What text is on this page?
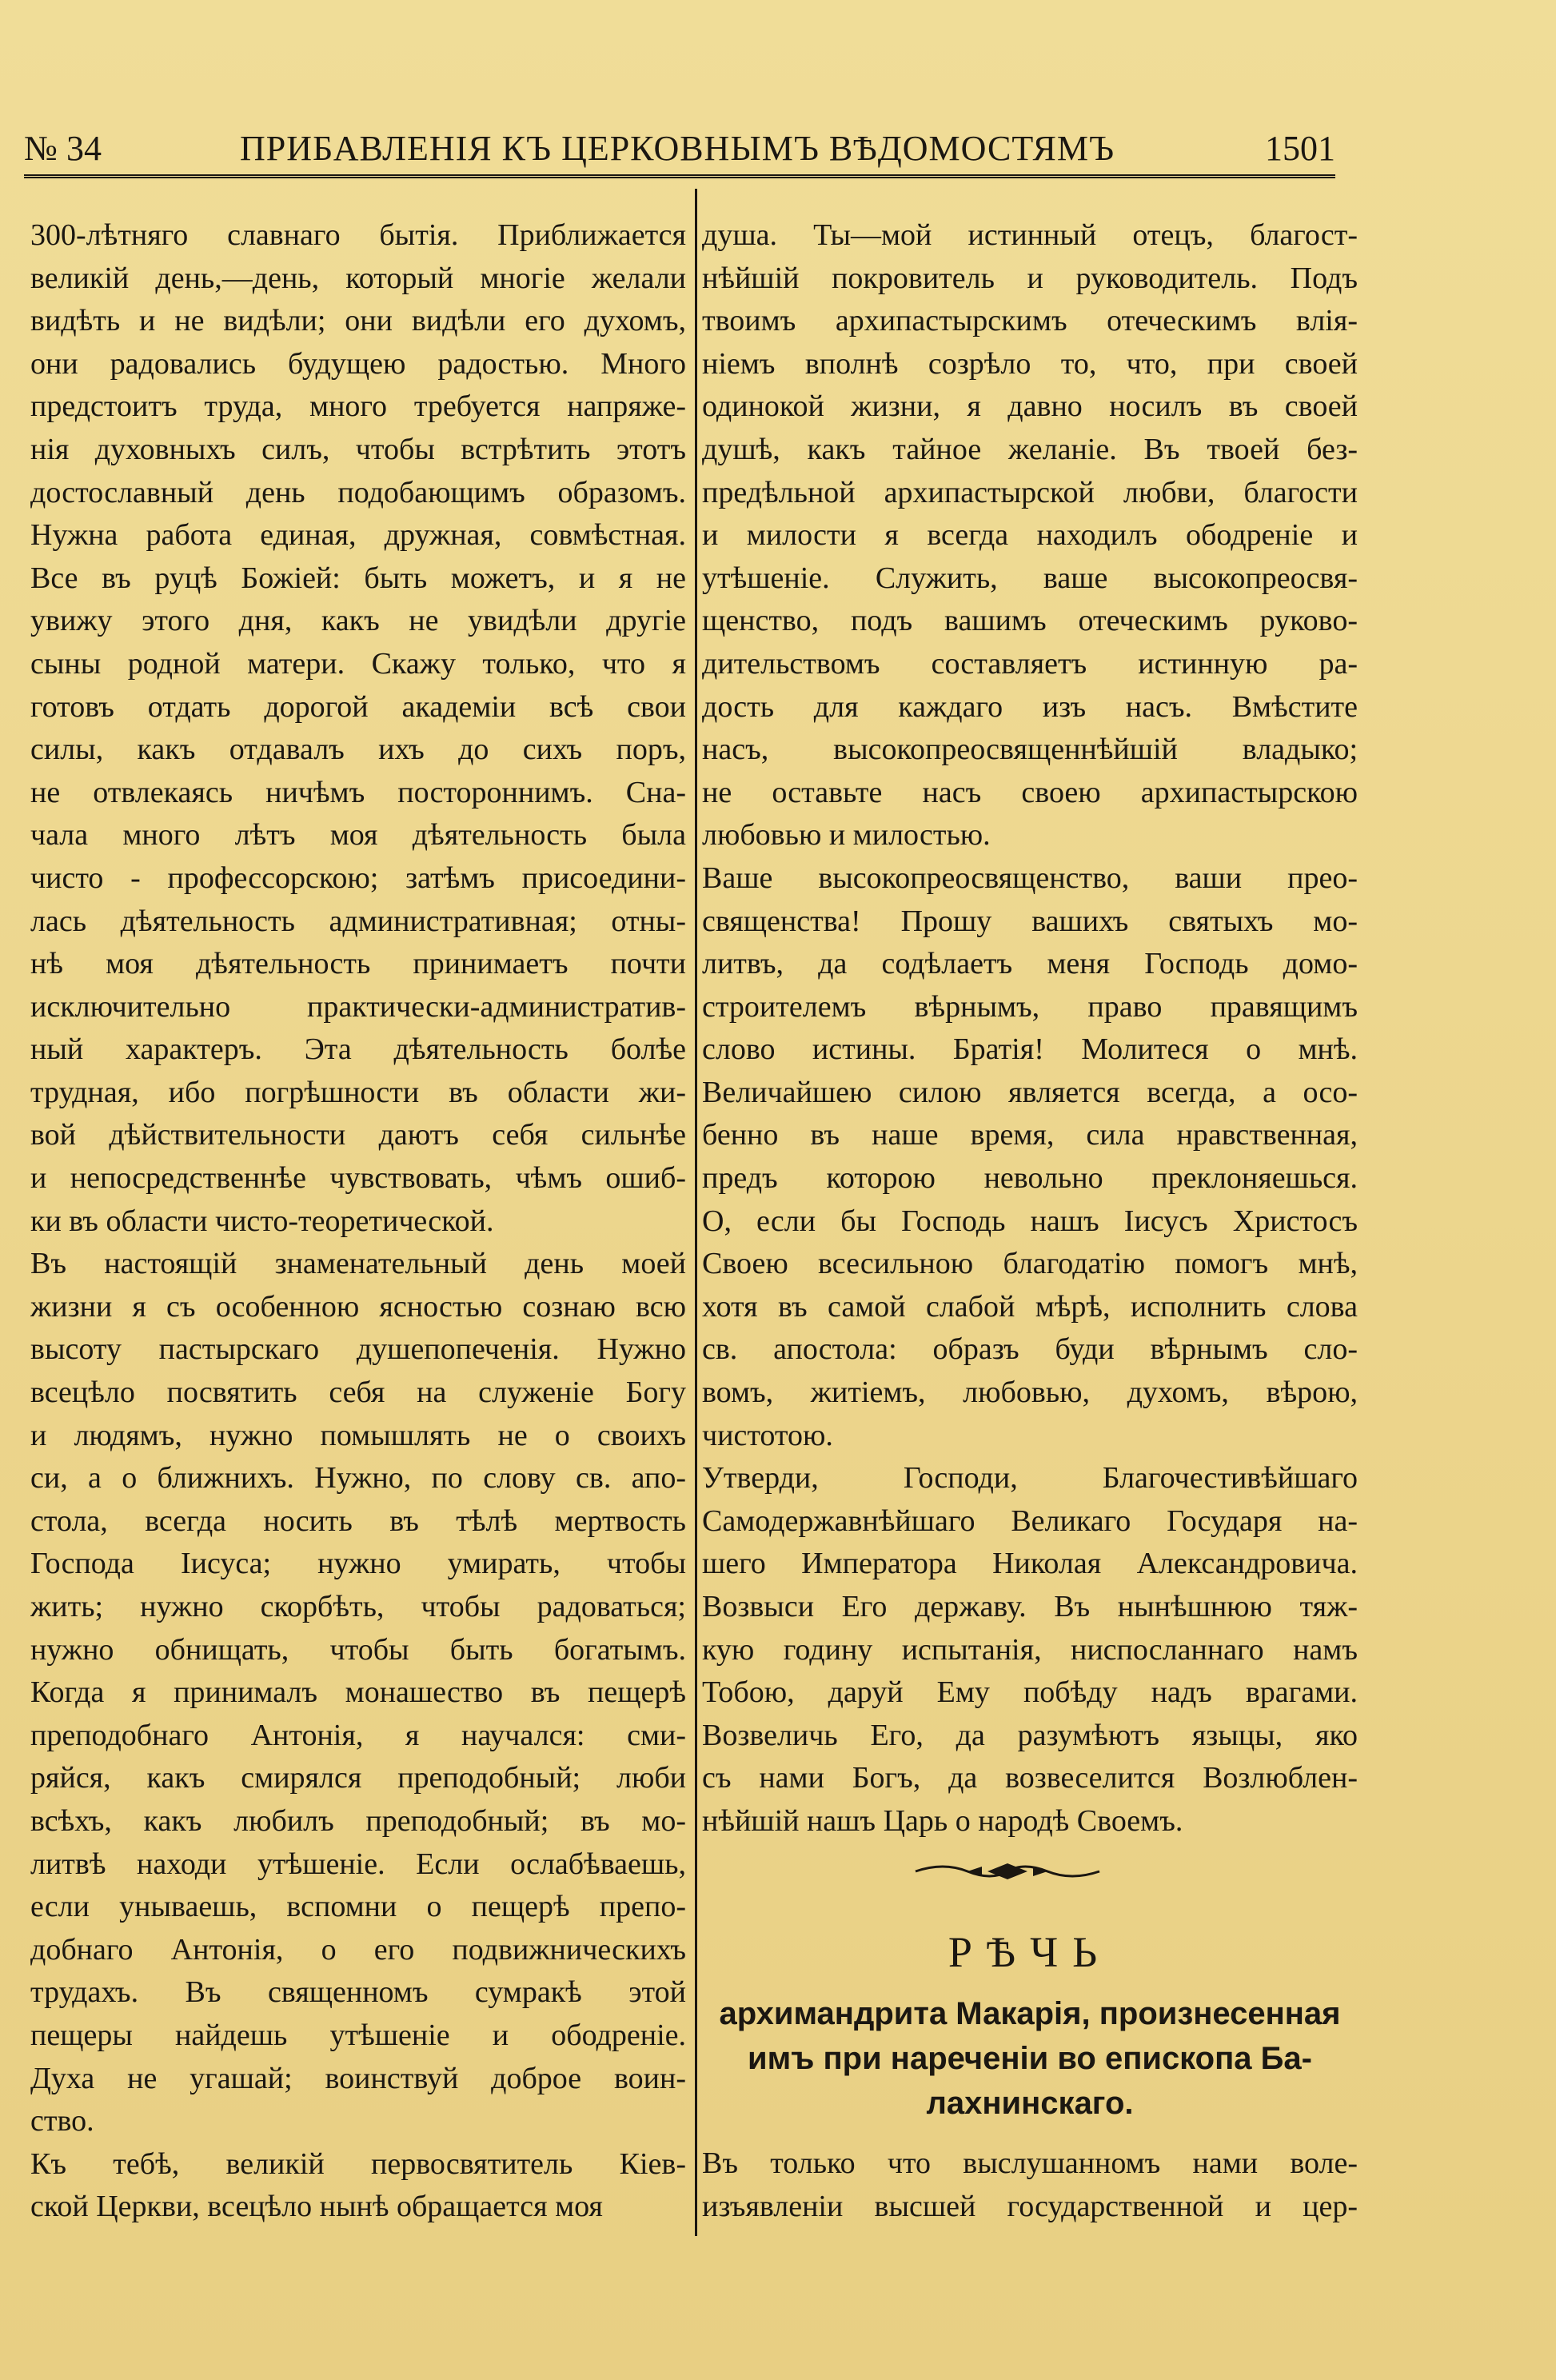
№ 34	ПРИБАВЛЕНІЯ КЪ ЦЕРКОВНЫМЪ ВѢДОМОСТЯМЪ	1501
300-лѣтняго славнаго бытія. Приближается
великій день,—день, который многіе желали
видѣть и не видѣли; они видѣли его духомъ,
они радовались будущею радостью. Много
предстоитъ труда, много требуется напряже-
нія духовныхъ силъ, чтобы встрѣтить этотъ
достославный день подобающимъ образомъ.
Нужна работа единая, дружная, совмѣстная.
Все въ руцѣ Божіей: быть можетъ, и я не
увижу этого дня, какъ не увидѣли другіе
сыны родной матери. Скажу только, что я
готовъ отдать дорогой академіи всѣ свои
силы, какъ отдавалъ ихъ до сихъ поръ,
не отвлекаясь ничѣмъ постороннимъ. Сна-
чала много лѣтъ моя дѣятельность была
чисто - профессорскою; затѣмъ присоедини-
лась дѣятельность административная; отны-
нѣ моя дѣятельность принимаетъ почти
исключительно практически-административ-
ный характеръ. Эта дѣятельность болѣе
трудная, ибо погрѣшности въ области жи-
вой дѣйствительности даютъ себя сильнѣе
и непосредственнѣе чувствовать, чѣмъ ошиб-
ки въ области чисто-теоретической.
Въ настоящій знаменательный день моей
жизни я съ особенною ясностью сознаю всю
высоту пастырскаго душепопеченія. Нужно
всецѣло посвятить себя на служеніе Богу
и людямъ, нужно помышлять не о своихъ
си, а о ближнихъ. Нужно, по слову св. апо-
стола, всегда носить въ тѣлѣ мертвость
Господа Іисуса; нужно умирать, чтобы
жить; нужно скорбѣть, чтобы радоваться;
нужно обнищать, чтобы быть богатымъ.
Когда я принималъ монашество въ пещерѣ
преподобнаго Антонія, я научался: сми-
ряйся, какъ смирялся преподобный; люби
всѣхъ, какъ любилъ преподобный; въ мо-
литвѣ находи утѣшеніе. Если ослабѣваешь,
если унываешь, вспомни о пещерѣ препо-
добнаго Антонія, о его подвижническихъ
трудахъ. Въ священномъ сумракѣ этой
пещеры найдешь утѣшеніе и ободреніе.
Духа не угашай; воинствуй доброе воин-
ство.
Къ тебѣ, великій первосвятитель Кіев-
ской Церкви, всецѣло нынѣ обращается моя
душа. Ты—мой истинный отецъ, благост-
нѣйшій покровитель и руководитель. Подъ
твоимъ архипастырскимъ отеческимъ влія-
ніемъ вполнѣ созрѣло то, что, при своей
одинокой жизни, я давно носилъ въ своей
душѣ, какъ тайное желаніе. Въ твоей без-
предѣльной архипастырской любви, благости
и милости я всегда находилъ ободреніе и
утѣшеніе. Служить, ваше высокопреосвя-
щенство, подъ вашимъ отеческимъ руково-
дительствомъ составляетъ истинную ра-
дость для каждаго изъ насъ. Вмѣстите
насъ, высокопреосвященнѣйшій владыко;
не оставьте насъ своею архипастырскою
любовью и милостью.
Ваше высокопреосвященство, ваши прео-
священства! Прошу вашихъ святыхъ мо-
литвъ, да содѣлаетъ меня Господь домо-
строителемъ вѣрнымъ, право правящимъ
слово истины. Братія! Молитеся о мнѣ.
Величайшею силою является всегда, а осо-
бенно въ наше время, сила нравственная,
предъ которою невольно преклоняешься.
О, если бы Господь нашъ Іисусъ Христосъ
Своею всесильною благодатію помогъ мнѣ,
хотя въ самой слабой мѣрѣ, исполнить слова
св. апостола: образъ буди вѣрнымъ сло-
вомъ, житіемъ, любовью, духомъ, вѣрою,
чистотою.
Утверди, Господи, Благочестивѣйшаго
Самодержавнѣйшаго Великаго Государя на-
шего Императора Николая Александровича.
Возвыси Его державу. Въ нынѣшнюю тяж-
кую годину испытанія, ниспосланнаго намъ
Тобою, даруй Ему побѣду надъ врагами.
Возвеличь Его, да разумѣютъ языцы, яко
съ нами Богъ, да возвеселится Возлюблен-
нѣйшій нашъ Царь о народѣ Своемъ.
РѢЧЬ
архимандрита Макарія, произнесенная
имъ при нареченіи во епископа Ба-
лахнинскаго.
Въ только что выслушанномъ нами воле-
изъявленіи высшей государственной и цер-
